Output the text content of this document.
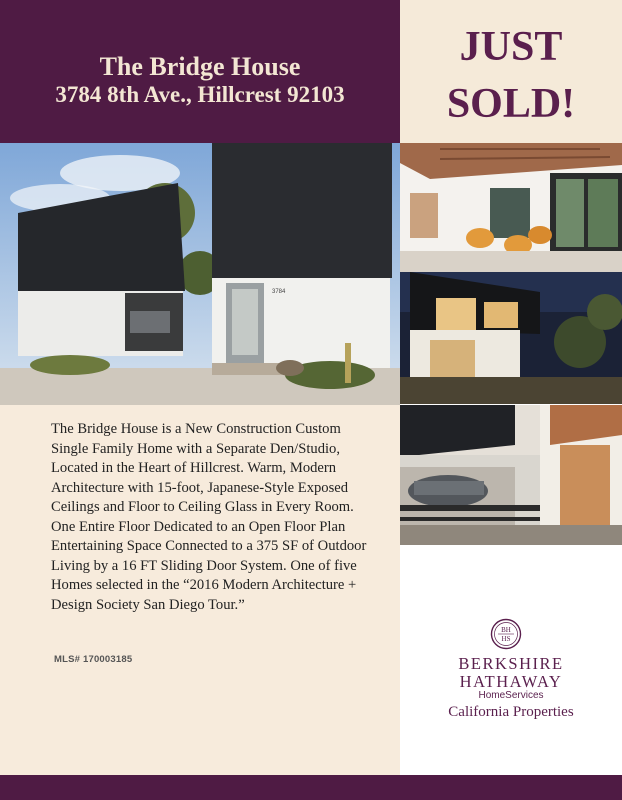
The Bridge House
3784 8th Ave., Hillcrest 92103
JUST
SOLD!
3784
The Bridge House is a New Construction Custom Single Family Home with a Separate Den/Studio, Located in the Heart of Hillcrest. Warm, Modern Architecture with 15-foot, Japanese-Style Exposed Ceilings and Floor to Ceiling Glass in Every Room. One Entire Floor Dedicated to an Open Floor Plan Entertaining Space Connected to a 375 SF of Outdoor Living by a 16 FT Sliding Door System. One of five Homes selected in the “2016 Modern Architecture + Design Society San Diego Tour.”
MLS# 170003185
BH
HS
BERKSHIRE
HATHAWAY
HomeServices
California Properties
